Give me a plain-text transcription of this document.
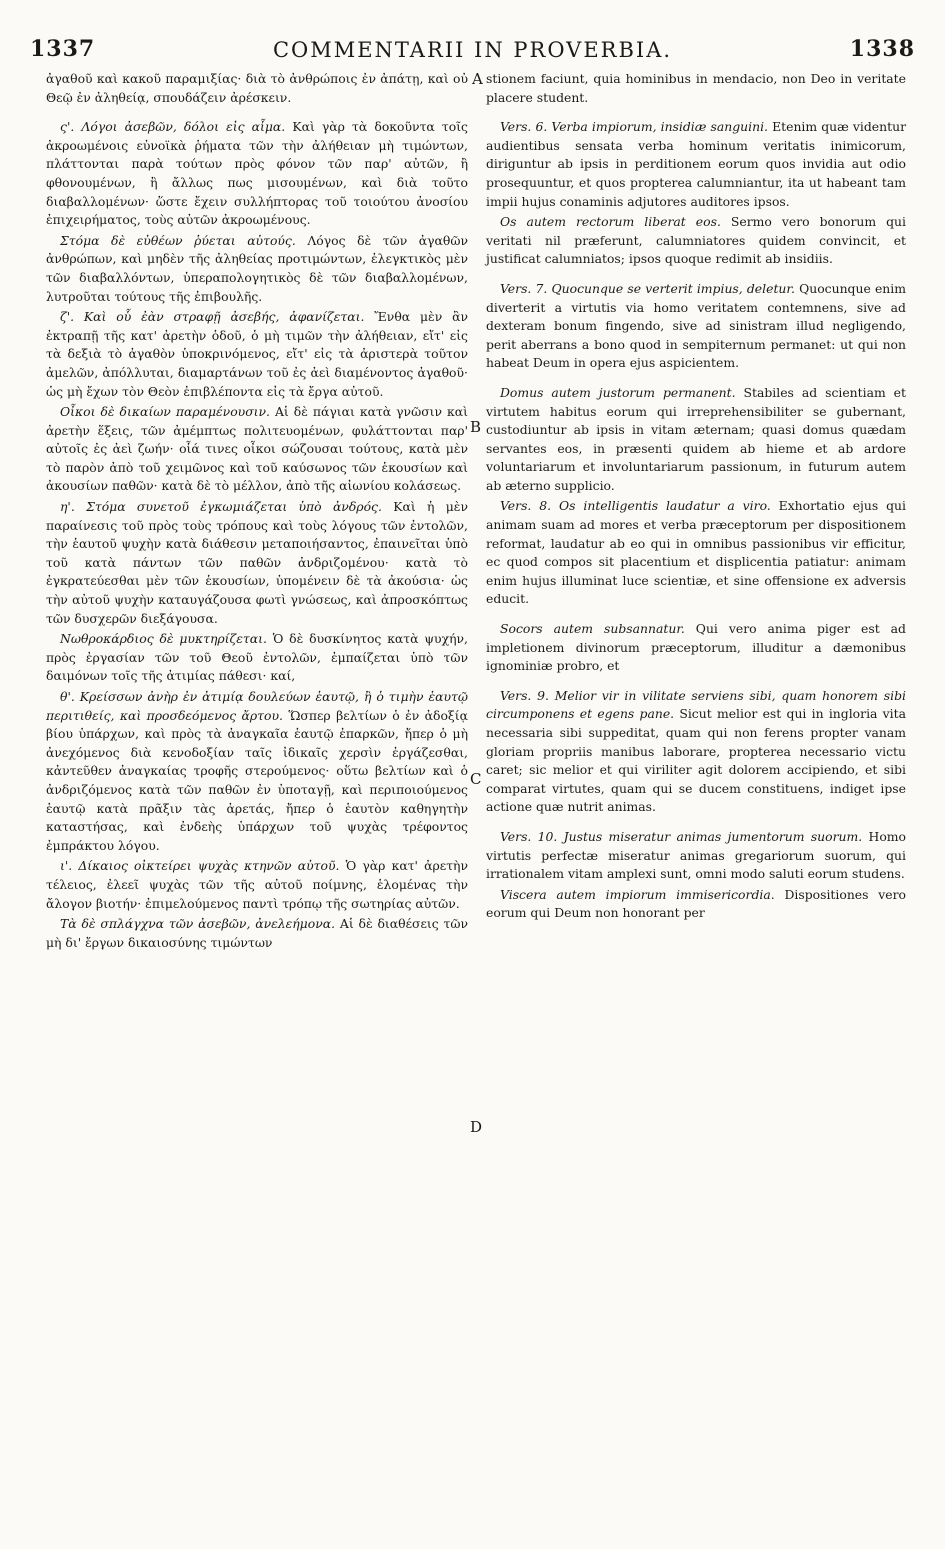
1337	COMMENTARII IN PROVERBIA.	1338
A
B
C
D

ἀγαθοῦ καὶ κακοῦ παραμιξίας· διὰ τὸ ἀνθρώποις ἐν ἀπάτῃ, καὶ οὐ Θεῷ ἐν ἀληθείᾳ, σπουδάζειν ἀρέσκειν.

ς'. Λόγοι ἀσεβῶν, δόλοι εἰς αἷμα. Καὶ γὰρ τὰ δοκοῦντα τοῖς ἀκροωμένοις εὐνοϊκὰ ῥήματα τῶν τὴν ἀλήθειαν μὴ τιμώντων, πλάττονται παρὰ τούτων πρὸς φόνον τῶν παρ' αὐτῶν, ἢ φθονουμένων, ἢ ἄλλως πως μισουμένων, καὶ διὰ τοῦτο διαβαλλομένων· ὥστε ἔχειν συλλήπτορας τοῦ τοιούτου ἀνοσίου ἐπιχειρήματος, τοὺς αὐτῶν ἀκροωμένους.

Στόμα δὲ εὐθέων ῥύεται αὐτούς. Λόγος δὲ τῶν ἀγαθῶν ἀνθρώπων, καὶ μηδὲν τῆς ἀληθείας προτιμώντων, ἐλεγκτικὸς μὲν τῶν διαβαλλόντων, ὑπεραπολογητικὸς δὲ τῶν διαβαλλομένων, λυτροῦται τούτους τῆς ἐπιβουλῆς.

ζ'. Καὶ οὗ ἐὰν στραφῇ ἀσεβής, ἀφανίζεται. Ἔνθα μὲν ἂν ἐκτραπῇ τῆς κατ' ἀρετὴν ὁδοῦ, ὁ μὴ τιμῶν τὴν ἀλήθειαν, εἴτ' εἰς τὰ δεξιὰ τὸ ἀγαθὸν ὑποκρινόμενος, εἴτ' εἰς τὰ ἀριστερὰ τοῦτον ἀμελῶν, ἀπόλλυται, διαμαρτάνων τοῦ ἐς ἀεὶ διαμένοντος ἀγαθοῦ· ὡς μὴ ἔχων τὸν Θεὸν ἐπιβλέποντα εἰς τὰ ἔργα αὐτοῦ.

Οἶκοι δὲ δικαίων παραμένουσιν. Αἱ δὲ πάγιαι κατὰ γνῶσιν καὶ ἀρετὴν ἕξεις, τῶν ἀμέμπτως πολιτευομένων, φυλάττονται παρ' αὐτοῖς ἐς ἀεὶ ζωήν· οἷά τινες οἶκοι σώζουσαι τούτους, κατὰ μὲν τὸ παρὸν ἀπὸ τοῦ χειμῶνος καὶ τοῦ καύσωνος τῶν ἑκουσίων καὶ ἀκουσίων παθῶν· κατὰ δὲ τὸ μέλλον, ἀπὸ τῆς αἰωνίου κολάσεως.

η'. Στόμα συνετοῦ ἐγκωμιάζεται ὑπὸ ἀνδρός. Καὶ ἡ μὲν παραίνεσις τοῦ πρὸς τοὺς τρόπους καὶ τοὺς λόγους τῶν ἐντολῶν, τὴν ἑαυτοῦ ψυχὴν κατὰ διάθεσιν μεταποιήσαντος, ἐπαινεῖται ὑπὸ τοῦ κατὰ πάντων τῶν παθῶν ἀνδριζομένου· κατὰ τὸ ἐγκρατεύεσθαι μὲν τῶν ἑκουσίων, ὑπομένειν δὲ τὰ ἀκούσια· ὡς τὴν αὐτοῦ ψυχὴν καταυγάζουσα φωτὶ γνώσεως, καὶ ἀπροσκόπτως τῶν δυσχερῶν διεξάγουσα.

Νωθροκάρδιος δὲ μυκτηρίζεται. Ὁ δὲ δυσκίνητος κατὰ ψυχήν, πρὸς ἐργασίαν τῶν τοῦ Θεοῦ ἐντολῶν, ἐμπαίζεται ὑπὸ τῶν δαιμόνων τοῖς τῆς ἀτιμίας πάθεσι· καί,

θ'. Κρείσσων ἀνὴρ ἐν ἀτιμίᾳ δουλεύων ἑαυτῷ, ἢ ὁ τιμὴν ἑαυτῷ περιτιθείς, καὶ προσδεόμενος ἄρτου. Ὥσπερ βελτίων ὁ ἐν ἀδοξίᾳ βίου ὑπάρχων, καὶ πρὸς τὰ ἀναγκαῖα ἑαυτῷ ἐπαρκῶν, ἤπερ ὁ μὴ ἀνεχόμενος διὰ κενοδοξίαν ταῖς ἰδικαῖς χερσὶν ἐργάζεσθαι, κἀντεῦθεν ἀναγκαίας τροφῆς στερούμενος· οὕτω βελτίων καὶ ὁ ἀνδριζόμενος κατὰ τῶν παθῶν ἐν ὑποταγῇ, καὶ περιποιούμενος ἑαυτῷ κατὰ πρᾶξιν τὰς ἀρετάς, ἤπερ ὁ ἑαυτὸν καθηγητὴν καταστήσας, καὶ ἐνδεὴς ὑπάρχων τοῦ ψυχὰς τρέφοντος ἐμπράκτου λόγου.

ι'. Δίκαιος οἰκτείρει ψυχὰς κτηνῶν αὐτοῦ. Ὁ γὰρ κατ' ἀρετὴν τέλειος, ἐλεεῖ ψυχὰς τῶν τῆς αὐτοῦ ποίμνης, ἑλομένας τὴν ἄλογον βιοτήν· ἐπιμελούμενος παντὶ τρόπῳ τῆς σωτηρίας αὐτῶν.

Τὰ δὲ σπλάγχνα τῶν ἀσεβῶν, ἀνελεήμονα. Αἱ δὲ διαθέσεις τῶν μὴ δι' ἔργων δικαιοσύνης τιμώντων

stionem faciunt, quia hominibus in mendacio, non Deo in veritate placere student.

Vers. 6. Verba impiorum, insidiæ sanguini. Etenim quæ videntur audientibus sensata verba hominum veritatis inimicorum, diriguntur ab ipsis in perditionem eorum quos invidia aut odio prosequuntur, et quos propterea calumniantur, ita ut habeant tam impii hujus conaminis adjutores auditores ipsos.

Os autem rectorum liberat eos. Sermo vero bonorum qui veritati nil præferunt, calumniatores quidem convincit, et justificat calumniatos; ipsos quoque redimit ab insidiis.

Vers. 7. Quocunque se verterit impius, deletur. Quocunque enim diverterit a virtutis via homo veritatem contemnens, sive ad dexteram bonum fingendo, sive ad sinistram illud negligendo, perit aberrans a bono quod in sempiternum permanet: ut qui non habeat Deum in opera ejus aspicientem.

Domus autem justorum permanent. Stabiles ad scientiam et virtutem habitus eorum qui irreprehensibiliter se gubernant, custodiuntur ab ipsis in vitam æternam; quasi domus quædam servantes eos, in præsenti quidem ab hieme et ab ardore voluntariarum et involuntariarum passionum, in futurum autem ab æterno supplicio.

Vers. 8. Os intelligentis laudatur a viro. Exhortatio ejus qui animam suam ad mores et verba præceptorum per dispositionem reformat, laudatur ab eo qui in omnibus passionibus vir efficitur, ec quod compos sit placentium et displicentia patiatur: animam enim hujus illuminat luce scientiæ, et sine offensione ex adversis educit.

Socors autem subsannatur. Qui vero anima piger est ad impletionem divinorum præceptorum, illuditur a dæmonibus ignominiæ probro, et

Vers. 9. Melior vir in vilitate serviens sibi, quam honorem sibi circumponens et egens pane. Sicut melior est qui in ingloria vita necessaria sibi suppeditat, quam qui non ferens propter vanam gloriam propriis manibus laborare, propterea necessario victu caret; sic melior et qui viriliter agit dolorem accipiendo, et sibi comparat virtutes, quam qui se ducem constituens, indiget ipse actione quæ nutrit animas.

Vers. 10. Justus miseratur animas jumentorum suorum. Homo virtutis perfectæ miseratur animas gregariorum suorum, qui irrationalem vitam amplexi sunt, omni modo saluti eorum studens.

Viscera autem impiorum immisericordia. Dispositiones vero eorum qui Deum non honorant per
